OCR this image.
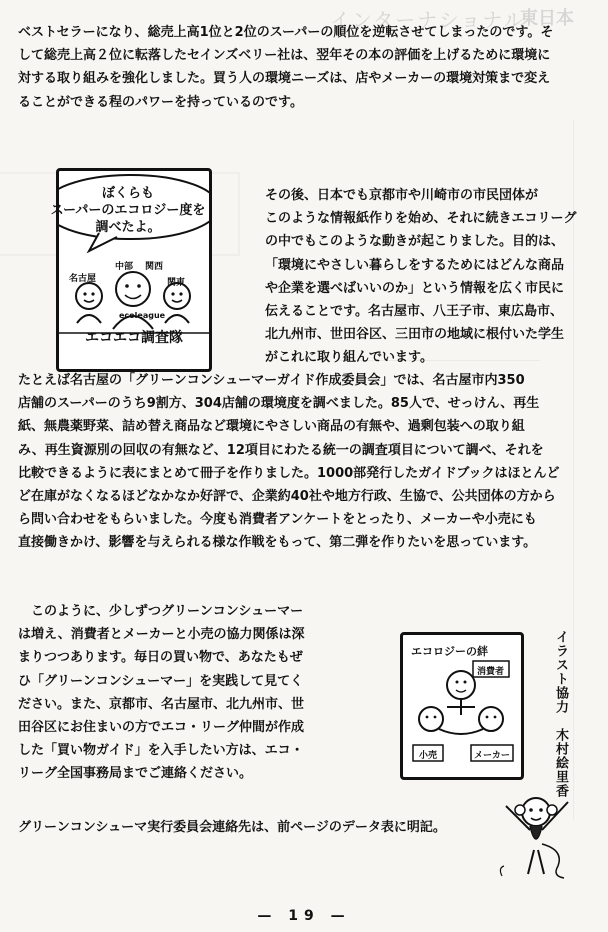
インターナショナル
東日本
ベストセラーになり、総売上高1位と2位のスーパーの順位を逆転させてしまったのです。そ
して総売上高２位に転落したセインズベリー社は、翌年その本の評価を上げるために環境に
対する取り組みを強化しました。買う人の環境ニーズは、店やメーカーの環境対策まで変え
ることができる程のパワーを持っているのです。
ぼくらも
スーパーのエコロジー度を
調べたよ。
名古屋
中部 関西
関東
ecoleague
エコエコ調査隊
その後、日本でも京都市や川崎市の市民団体が
このような情報紙作りを始め、それに続きエコリーグ
の中でもこのような動きが起こりました。目的は、
「環境にやさしい暮らしをするためにはどんな商品
や企業を選べばいいのか」という情報を広く市民に
伝えることです。名古屋市、八王子市、東広島市、
北九州市、世田谷区、三田市の地域に根付いた学生
がこれに取り組んでいます。
たとえば名古屋の「グリーンコンシューマーガイド作成委員会」では、名古屋市内350
店舗のスーパーのうち9割方、304店舗の環境度を調べました。85人で、せっけん、再生
紙、無農薬野菜、詰め替え商品など環境にやさしい商品の有無や、過剰包装への取り組
み、再生資源別の回収の有無など、12項目にわたる統一の調査項目について調べ、それを
比較できるように表にまとめて冊子を作りました。1000部発行したガイドブックはほとんど
ど在庫がなくなるほどなかなか好評で、企業約40社や地方行政、生協で、公共団体の方から
ら問い合わせをもらいました。今度も消費者アンケートをとったり、メーカーや小売にも
直接働きかけ、影響を与えられる様な作戦をもって、第二弾を作りたいを思っています。
　このように、少しずつグリーンコンシューマー
は増え、消費者とメーカーと小売の協力関係は深
まりつつあります。毎日の買い物で、あなたもぜ
ひ「グリーンコンシューマー」を実践して見てく
ださい。また、京都市、名古屋市、北九州市、世
田谷区にお住まいの方でエコ・リーグ仲間が作成
した「買い物ガイド」を入手したい方は、エコ・
リーグ全国事務局までご連絡ください。
エコロジーの絆
消費者
小売	メーカー	イラスト協力　木村絵里香
グリーンコンシューマ実行委員会連絡先は、前ページのデータ表に明記。
— 19 —
